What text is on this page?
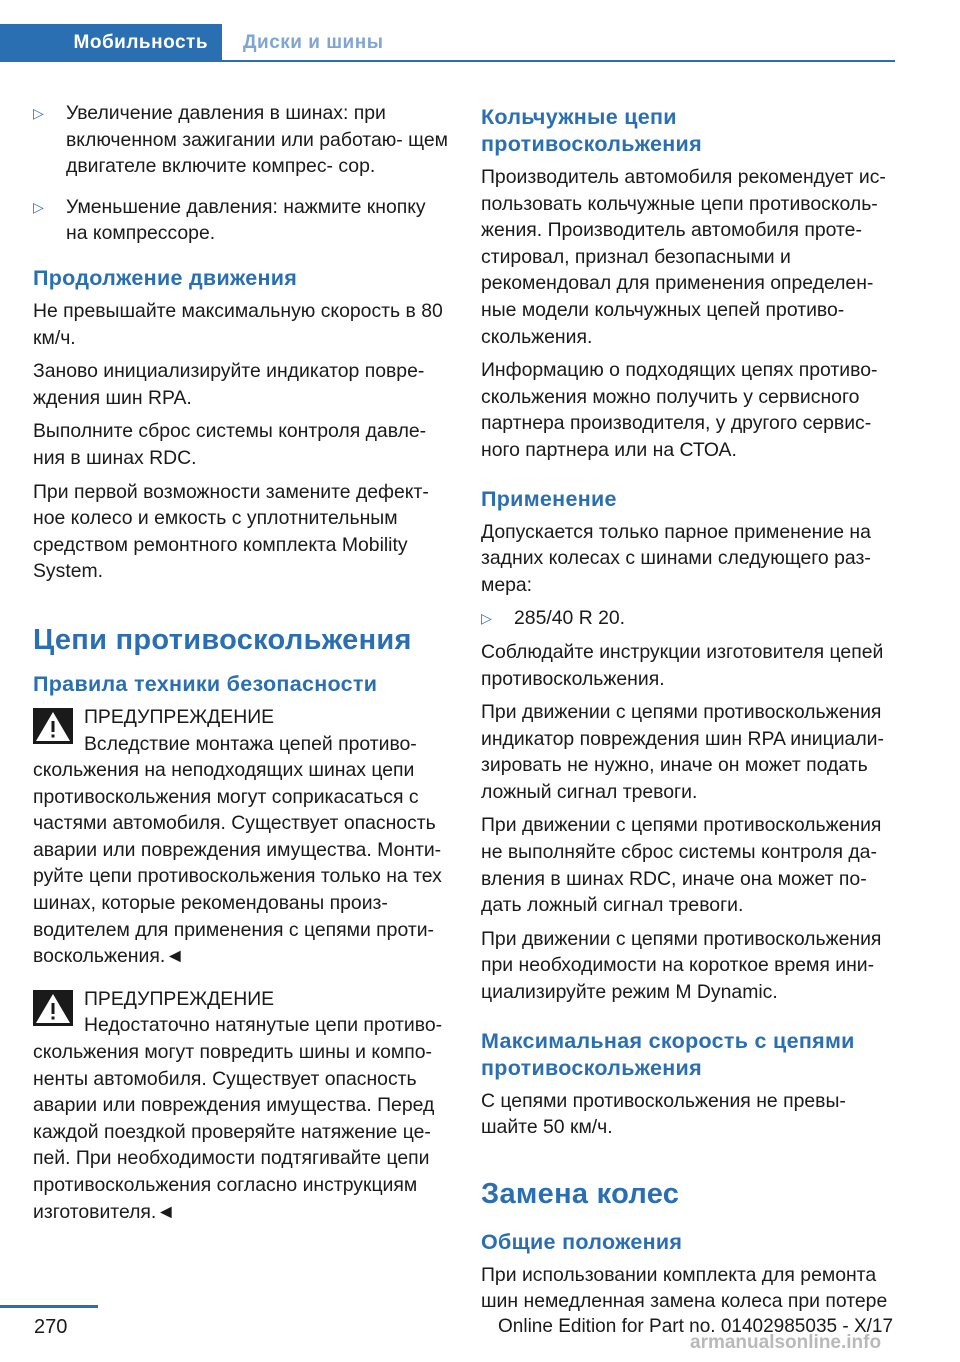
Мобильность Диски и шины
▷	Увеличение давления в шинах: при включенном зажигании или работаю‐ щем двигателе включите компрес‐ сор.
▷	Уменьшение давления: нажмите кнопку на компрессоре.
Продолжение движения

Не превышайте максимальную скорость в 80 км/ч.

Заново инициализируйте индикатор повре‐ ждения шин RPA.

Выполните сброс системы контроля давле‐ ния в шинах RDC.

При первой возможности замените дефект‐ ное колесо и емкость с уплотнительным средством ремонтного комплекта Mobility System.

Цепи противоскольжения
Правила техники безопасности

ПРЕДУПРЕЖДЕНИЕ

Вследствие монтажа цепей противо‐

скольжения на неподходящих шинах цепи противоскольжения могут соприкасаться с частями автомобиля. Существует опасность аварии или повреждения имущества. Монти‐ руйте цепи противоскольжения только на тех шинах, которые рекомендованы произ‐ водителем для применения с цепями проти‐ воскольжения.◄

ПРЕДУПРЕЖДЕНИЕ

Недостаточно натянутые цепи противо‐

скольжения могут повредить шины и компо‐ ненты автомобиля. Существует опасность аварии или повреждения имущества. Перед каждой поездкой проверяйте натяжение це‐ пей. При необходимости подтягивайте цепи противоскольжения согласно инструкциям изготовителя.◄

Кольчужные цепи противоскольжения

Производитель автомобиля рекомендует ис‐ пользовать кольчужные цепи противосколь‐ жения. Производитель автомобиля проте‐ стировал, признал безопасными и рекомендовал для применения определен‐ ные модели кольчужных цепей противо‐ скольжения.

Информацию о подходящих цепях противо‐ скольжения можно получить у сервисного партнера производителя, у другого сервис‐ ного партнера или на СТОА.

Применение

Допускается только парное применение на задних колесах с шинами следующего раз‐ мера:

▷	285/40 R 20.

Соблюдайте инструкции изготовителя цепей противоскольжения.

При движении с цепями противоскольжения индикатор повреждения шин RPA инициали‐ зировать не нужно, иначе он может подать ложный сигнал тревоги.

При движении с цепями противоскольжения не выполняйте сброс системы контроля да‐ вления в шинах RDC, иначе она может по‐ дать ложный сигнал тревоги.

При движении с цепями противоскольжения при необходимости на короткое время ини‐ циализируйте режим M Dynamic.

Максимальная скорость с цепями противоскольжения

С цепями противоскольжения не превы‐ шайте 50 км/ч.

Замена колес
Общие положения

При использовании комплекта для ремонта шин немедленная замена колеса при потере

270	Online Edition for Part no. 01402985035 - X/17
armanualsonline.info
